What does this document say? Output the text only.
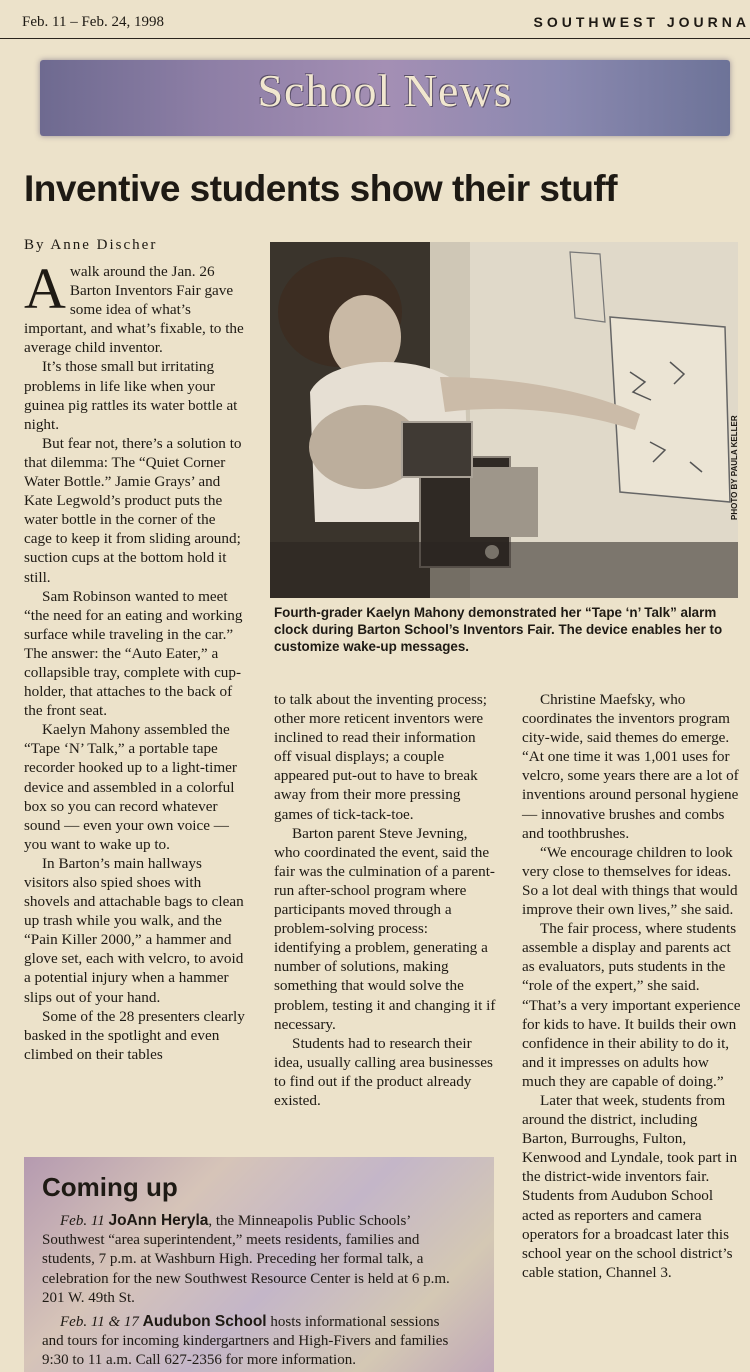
Feb. 11 – Feb. 24, 1998	SOUTHWEST JOURNA
School News
Inventive students show their stuff
By Anne Discher

A walk around the Jan. 26 Barton Inventors Fair gave some idea of what’s important, and what’s fixable, to the average child inventor.

It’s those small but irritating problems in life like when your guinea pig rattles its water bottle at night.

But fear not, there’s a solution to that dilemma: The “Quiet Corner Water Bottle.” Jamie Grays’ and Kate Legwold’s product puts the water bottle in the corner of the cage to keep it from sliding around; suction cups at the bottom hold it still.

Sam Robinson wanted to meet “the need for an eating and working surface while traveling in the car.” The answer: the “Auto Eater,” a collapsible tray, complete with cup-holder, that attaches to the back of the front seat.

Kaelyn Mahony assembled the “Tape ‘N’ Talk,” a portable tape recorder hooked up to a light-timer device and assembled in a colorful box so you can record whatever sound — even your own voice — you want to wake up to.

In Barton’s main hallways visitors also spied shoes with shovels and attachable bags to clean up trash while you walk, and the “Pain Killer 2000,” a hammer and glove set, each with velcro, to avoid a potential injury when a hammer slips out of your hand.

Some of the 28 presenters clearly basked in the spotlight and even climbed on their tables

PHOTO BY PAULA KELLER
Fourth-grader Kaelyn Mahony demonstrated her “Tape ‘n’ Talk” alarm clock during Barton School’s Inventors Fair. The device enables her to customize wake-up messages.

to talk about the inventing process; other more reticent inventors were inclined to read their information off visual displays; a couple appeared put-out to have to break away from their more pressing games of tick-tack-toe.

Barton parent Steve Jevning, who coordinated the event, said the fair was the culmination of a parent-run after-school program where participants moved through a problem-solving process: identifying a problem, generating a number of solutions, making something that would solve the problem, testing it and changing it if necessary.

Students had to research their idea, usually calling area businesses to find out if the product already existed.

Christine Maefsky, who coordinates the inventors program city-wide, said themes do emerge. “At one time it was 1,001 uses for velcro, some years there are a lot of inventions around personal hygiene — innovative brushes and combs and toothbrushes.

“We encourage children to look very close to themselves for ideas. So a lot deal with things that would improve their own lives,” she said.

The fair process, where students assemble a display and parents act as evaluators, puts students in the “role of the expert,” she said. “That’s a very important experience for kids to have. It builds their own confidence in their ability to do it, and it impresses on adults how much they are capable of doing.”

Later that week, students from around the district, including Barton, Burroughs, Fulton, Kenwood and Lyndale, took part in the district-wide inventors fair. Students from Audubon School acted as reporters and camera operators for a broadcast later this school year on the school district’s cable station, Channel 3.

Coming up
Feb. 11 JoAnn Heryla, the Minneapolis Public Schools’ Southwest “area superintendent,” meets residents, families and students, 7 p.m. at Washburn High. Preceding her formal talk, a celebration for the new Southwest Resource Center is held at 6 p.m. 201 W. 49th St.
Feb. 11 & 17 Audubon School hosts informational sessions and tours for incoming kindergartners and High-Fivers and families 9:30 to 11 a.m. Call 627-2356 for more information.
